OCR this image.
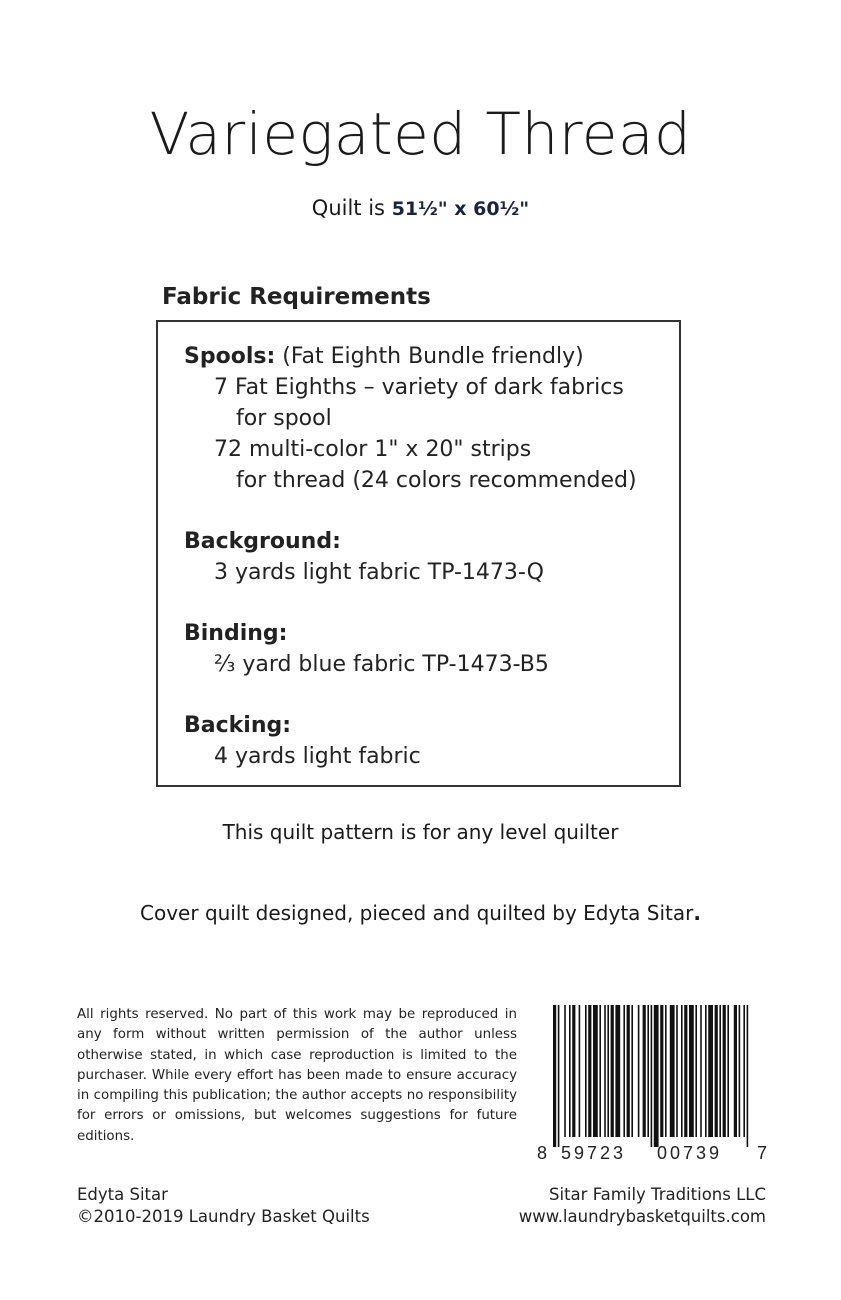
Variegated Thread
Quilt is 51½" x 60½"
Fabric Requirements
Spools: (Fat Eighth Bundle friendly)
7 Fat Eighths – variety of dark fabrics
for spool
72 multi-color 1" x 20" strips
for thread (24 colors recommended)
Background:
3 yards light fabric TP-1473-Q
Binding:
⅔ yard blue fabric TP-1473-B5
Backing:
4 yards light fabric
This quilt pattern is for any level quilter
Cover quilt designed, pieced and quilted by Edyta Sitar.
All rights reserved. No part of this work may be reproduced in any form without written permission of the author unless otherwise stated, in which case reproduction is limited to the purchaser. While every effort has been made to ensure accuracy in compiling this publication; the author accepts no responsibility for errors or omissions, but welcomes suggestions for future editions.
8 59723 00739 7
Edyta Sitar
©2010-2019 Laundry Basket Quilts
Sitar Family Traditions LLC
www.laundrybasketquilts.com
